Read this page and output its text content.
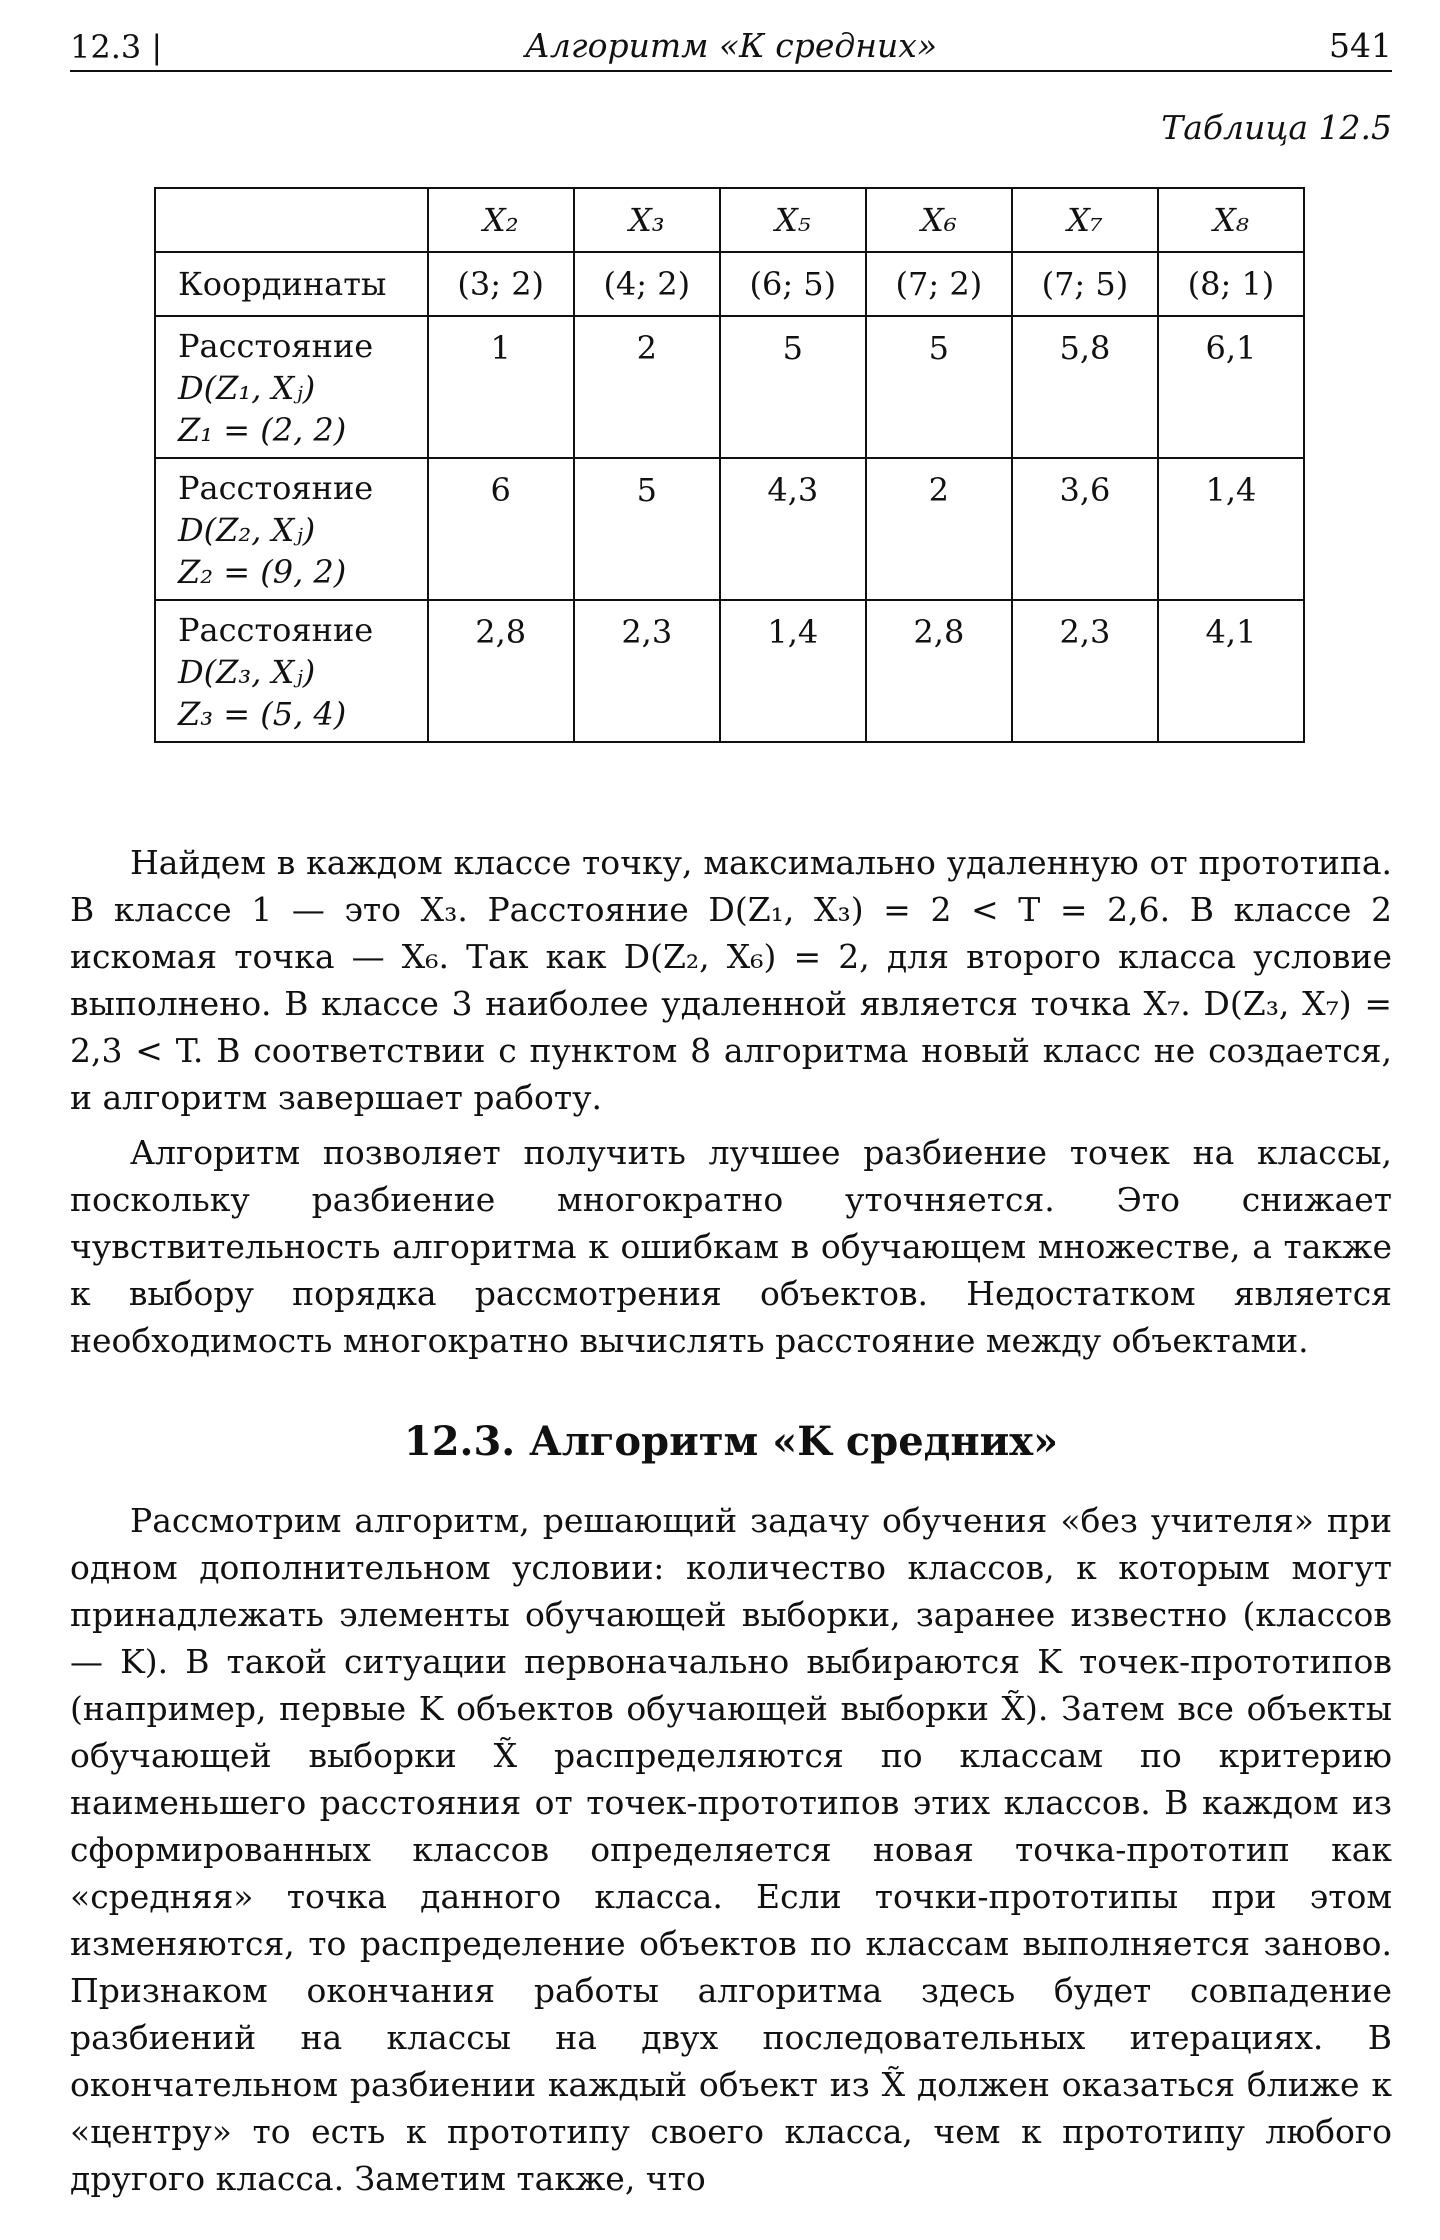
12.3 |	Алгоритм «К средних»	541
Таблица 12.5
	X₂	X₃	X₅	X₆	X₇	X₈

Координаты	(3; 2)	(4; 2)	(6; 5)	(7; 2)	(7; 5)	(8; 1)

Расстояние
D(Z₁, Xⱼ)
Z₁ = (2, 2)	1	2	5	5	5,8	6,1

Расстояние
D(Z₂, Xⱼ)
Z₂ = (9, 2)	6	5	4,3	2	3,6	1,4

Расстояние
D(Z₃, Xⱼ)
Z₃ = (5, 4)	2,8	2,3	1,4	2,8	2,3	4,1

Найдем в каждом классе точку, максимально удаленную от прототипа. В классе 1 — это X₃. Расстояние D(Z₁, X₃) = 2 < T = 2,6. В классе 2 искомая точка — X₆. Так как D(Z₂, X₆) = 2, для второго класса условие выполнено. В классе 3 наиболее удаленной является точка X₇. D(Z₃, X₇) = 2,3 < T. В соответствии с пунктом 8 алгоритма новый класс не создается, и алгоритм завершает работу.

Алгоритм позволяет получить лучшее разбиение точек на классы, поскольку разбиение многократно уточняется. Это снижает чувствительность алгоритма к ошибкам в обучающем множестве, а также к выбору порядка рассмотрения объектов. Недостатком является необходимость многократно вычислять расстояние между объектами.

12.3. Алгоритм «K средних»

Рассмотрим алгоритм, решающий задачу обучения «без учителя» при одном дополнительном условии: количество классов, к которым могут принадлежать элементы обучающей выборки, заранее известно (классов — K). В такой ситуации первоначально выбираются K точек-прототипов (например, первые K объектов обучающей выборки X̃). Затем все объекты обучающей выборки X̃ распределяются по классам по критерию наименьшего расстояния от точек-прототипов этих классов. В каждом из сформированных классов определяется новая точка-прототип как «средняя» точка данного класса. Если точки-прототипы при этом изменяются, то распределение объектов по классам выполняется заново. Признаком окончания работы алгоритма здесь будет совпадение разбиений на классы на двух последовательных итерациях. В окончательном разбиении каждый объект из X̃ должен оказаться ближе к «центру» то есть к прототипу своего класса, чем к прототипу любого другого класса. Заметим также, что
